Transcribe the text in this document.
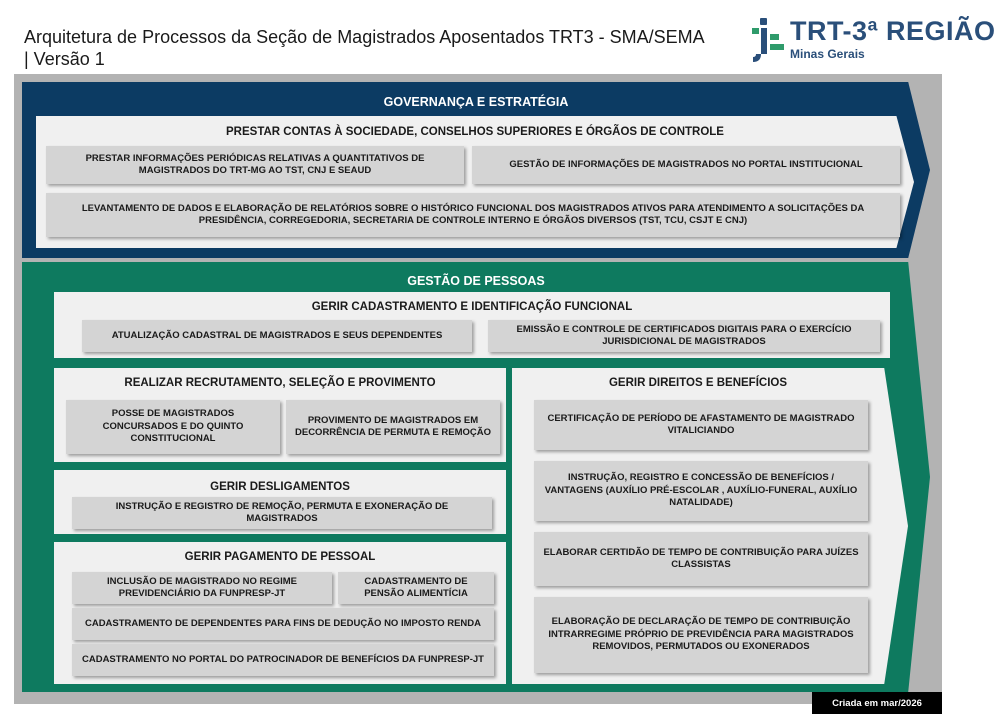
Arquitetura de Processos da Seção de Magistrados Aposentados TRT3 - SMA/SEMA
| Versão 1
TRT-3ª REGIÃO
Minas Gerais
GOVERNANÇA E ESTRATÉGIA
PRESTAR CONTAS À SOCIEDADE, CONSELHOS SUPERIORES E ÓRGÃOS DE CONTROLE
PRESTAR INFORMAÇÕES PERIÓDICAS RELATIVAS A QUANTITATIVOS DE MAGISTRADOS DO TRT-MG AO TST, CNJ E SEAUD
GESTÃO DE INFORMAÇÕES DE MAGISTRADOS NO PORTAL INSTITUCIONAL
LEVANTAMENTO DE DADOS E ELABORAÇÃO DE RELATÓRIOS SOBRE O HISTÓRICO FUNCIONAL DOS MAGISTRADOS ATIVOS PARA ATENDIMENTO A SOLICITAÇÕES DA PRESIDÊNCIA, CORREGEDORIA, SECRETARIA DE CONTROLE INTERNO E ÓRGÃOS DIVERSOS (TST, TCU, CSJT E CNJ)
GESTÃO DE PESSOAS
GERIR CADASTRAMENTO E IDENTIFICAÇÃO FUNCIONAL
ATUALIZAÇÃO CADASTRAL DE MAGISTRADOS E SEUS DEPENDENTES
EMISSÃO E CONTROLE DE CERTIFICADOS DIGITAIS PARA O EXERCÍCIO JURISDICIONAL DE MAGISTRADOS
REALIZAR RECRUTAMENTO, SELEÇÃO E PROVIMENTO
POSSE DE MAGISTRADOS CONCURSADOS E DO QUINTO CONSTITUCIONAL
PROVIMENTO DE MAGISTRADOS EM DECORRÊNCIA DE PERMUTA E REMOÇÃO
GERIR DESLIGAMENTOS
INSTRUÇÃO E REGISTRO DE REMOÇÃO, PERMUTA E EXONERAÇÃO DE MAGISTRADOS
GERIR PAGAMENTO DE PESSOAL
INCLUSÃO DE MAGISTRADO NO REGIME PREVIDENCIÁRIO DA FUNPRESP-JT
CADASTRAMENTO DE PENSÃO ALIMENTÍCIA
CADASTRAMENTO DE DEPENDENTES PARA FINS DE DEDUÇÃO NO IMPOSTO RENDA
CADASTRAMENTO NO PORTAL DO PATROCINADOR DE BENEFÍCIOS DA FUNPRESP-JT
GERIR DIREITOS E BENEFÍCIOS
CERTIFICAÇÃO DE PERÍODO DE AFASTAMENTO DE MAGISTRADO VITALICIANDO
INSTRUÇÃO, REGISTRO E CONCESSÃO DE BENEFÍCIOS / VANTAGENS (AUXÍLIO PRÉ-ESCOLAR , AUXÍLIO-FUNERAL, AUXÍLIO NATALIDADE)
ELABORAR CERTIDÃO DE TEMPO DE CONTRIBUIÇÃO PARA JUÍZES CLASSISTAS
ELABORAÇÃO DE DECLARAÇÃO DE TEMPO DE CONTRIBUIÇÃO INTRARREGIME PRÓPRIO DE PREVIDÊNCIA PARA MAGISTRADOS REMOVIDOS, PERMUTADOS OU EXONERADOS
Criada em mar/2026
